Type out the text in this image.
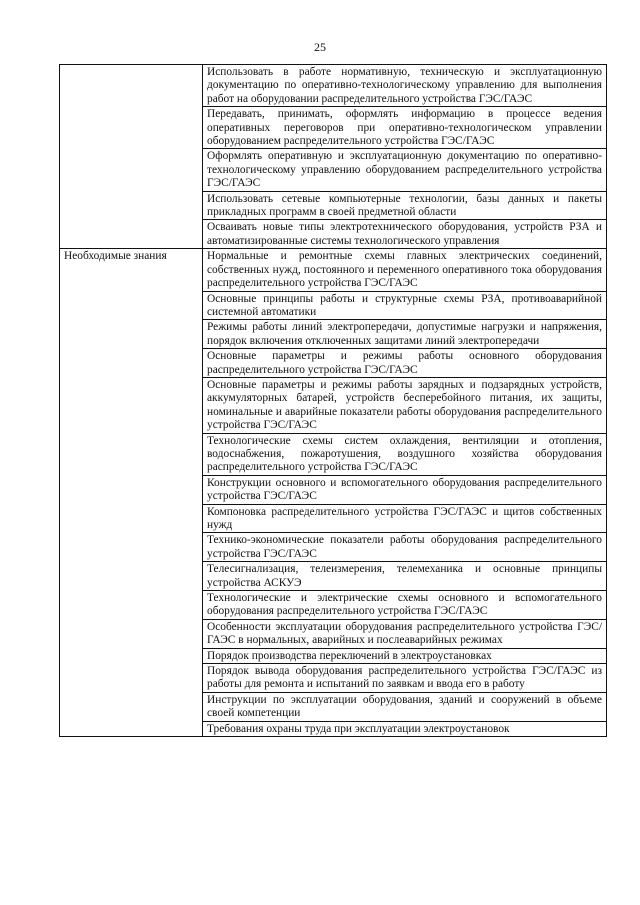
25
	Использовать в работе нормативную, техническую и эксплуатационную документацию по оперативно-технологическому управлению для выполнения работ на оборудовании распределительного устройства ГЭС/ГАЭС
	Передавать, принимать, оформлять информацию в процессе ведения оперативных переговоров при оперативно-технологическом управлении оборудованием распределительного устройства ГЭС/ГАЭС
	Оформлять оперативную и эксплуатационную документацию по оперативно-технологическому управлению оборудованием распределительного устройства ГЭС/ГАЭС
	Использовать сетевые компьютерные технологии, базы данных и пакеты прикладных программ в своей предметной области
	Осваивать новые типы электротехнического оборудования, устройств РЗА и автоматизированные системы технологического управления
Необходимые знания	Нормальные и ремонтные схемы главных электрических соединений, собственных нужд, постоянного и переменного оперативного тока оборудования распределительного устройства ГЭС/ГАЭС
	Основные принципы работы и структурные схемы РЗА, противоаварийной системной автоматики
	Режимы работы линий электропередачи, допустимые нагрузки и напряжения, порядок включения отключенных защитами линий электропередачи
	Основные параметры и режимы работы основного оборудования распределительного устройства ГЭС/ГАЭС
	Основные параметры и режимы работы зарядных и подзарядных устройств, аккумуляторных батарей, устройств бесперебойного питания, их защиты, номинальные и аварийные показатели работы оборудования распределительного устройства ГЭС/ГАЭС
	Технологические схемы систем охлаждения, вентиляции и отопления, водоснабжения, пожаротушения, воздушного хозяйства оборудования распределительного устройства ГЭС/ГАЭС
	Конструкции основного и вспомогательного оборудования распределительного устройства ГЭС/ГАЭС
	Компоновка распределительного устройства ГЭС/ГАЭС и щитов собственных нужд
	Технико-экономические показатели работы оборудования распределительного устройства ГЭС/ГАЭС
	Телесигнализация, телеизмерения, телемеханика и основные принципы устройства АСКУЭ
	Технологические и электрические схемы основного и вспомогательного оборудования распределительного устройства ГЭС/ГАЭС
	Особенности эксплуатации оборудования распределительного устройства ГЭС/ГАЭС в нормальных, аварийных и послеаварийных режимах
	Порядок производства переключений в электроустановках
	Порядок вывода оборудования распределительного устройства ГЭС/ГАЭС из работы для ремонта и испытаний по заявкам и ввода его в работу
	Инструкции по эксплуатации оборудования, зданий и сооружений в объеме своей компетенции
	Требования охраны труда при эксплуатации электроустановок
